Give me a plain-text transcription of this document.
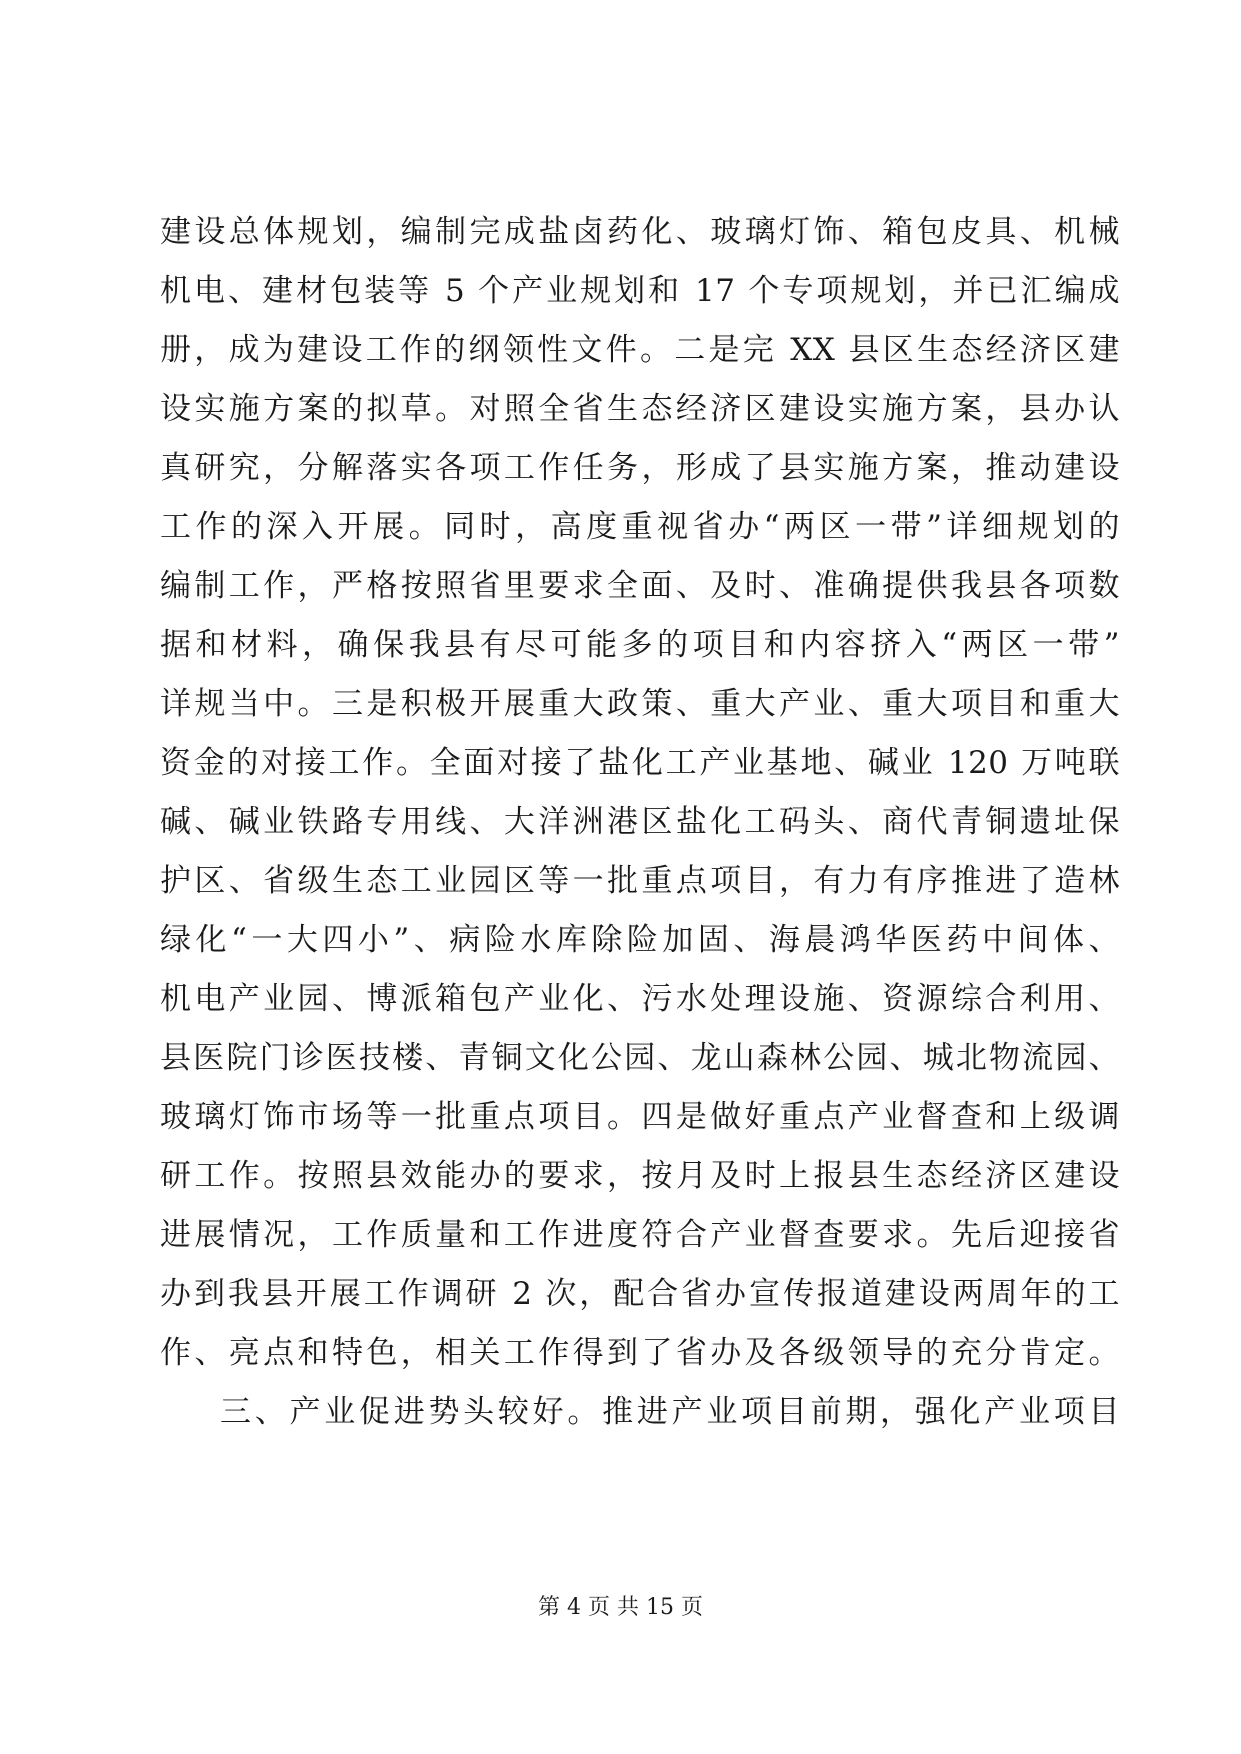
建设总体规划，编制完成盐卤药化、玻璃灯饰、箱包皮具、机械
机电、建材包装等 5 个产业规划和 17 个专项规划，并已汇编成
册，成为建设工作的纲领性文件。二是完 XX 县区生态经济区建
设实施方案的拟草。对照全省生态经济区建设实施方案，县办认
真研究，分解落实各项工作任务，形成了县实施方案，推动建设
工作的深入开展。同时，高度重视省办“两区一带”详细规划的
编制工作，严格按照省里要求全面、及时、准确提供我县各项数
据和材料，确保我县有尽可能多的项目和内容挤入“两区一带”
详规当中。三是积极开展重大政策、重大产业、重大项目和重大
资金的对接工作。全面对接了盐化工产业基地、碱业 120 万吨联
碱、碱业铁路专用线、大洋洲港区盐化工码头、商代青铜遗址保
护区、省级生态工业园区等一批重点项目，有力有序推进了造林
绿化“一大四小”、病险水库除险加固、海晨鸿华医药中间体、
机电产业园、博派箱包产业化、污水处理设施、资源综合利用、
县医院门诊医技楼、青铜文化公园、龙山森林公园、城北物流园、
玻璃灯饰市场等一批重点项目。四是做好重点产业督查和上级调
研工作。按照县效能办的要求，按月及时上报县生态经济区建设
进展情况，工作质量和工作进度符合产业督查要求。先后迎接省
办到我县开展工作调研 2 次，配合省办宣传报道建设两周年的工
作、亮点和特色，相关工作得到了省办及各级领导的充分肯定。
三、产业促进势头较好。推进产业项目前期，强化产业项目
第 4 页 共 15 页
